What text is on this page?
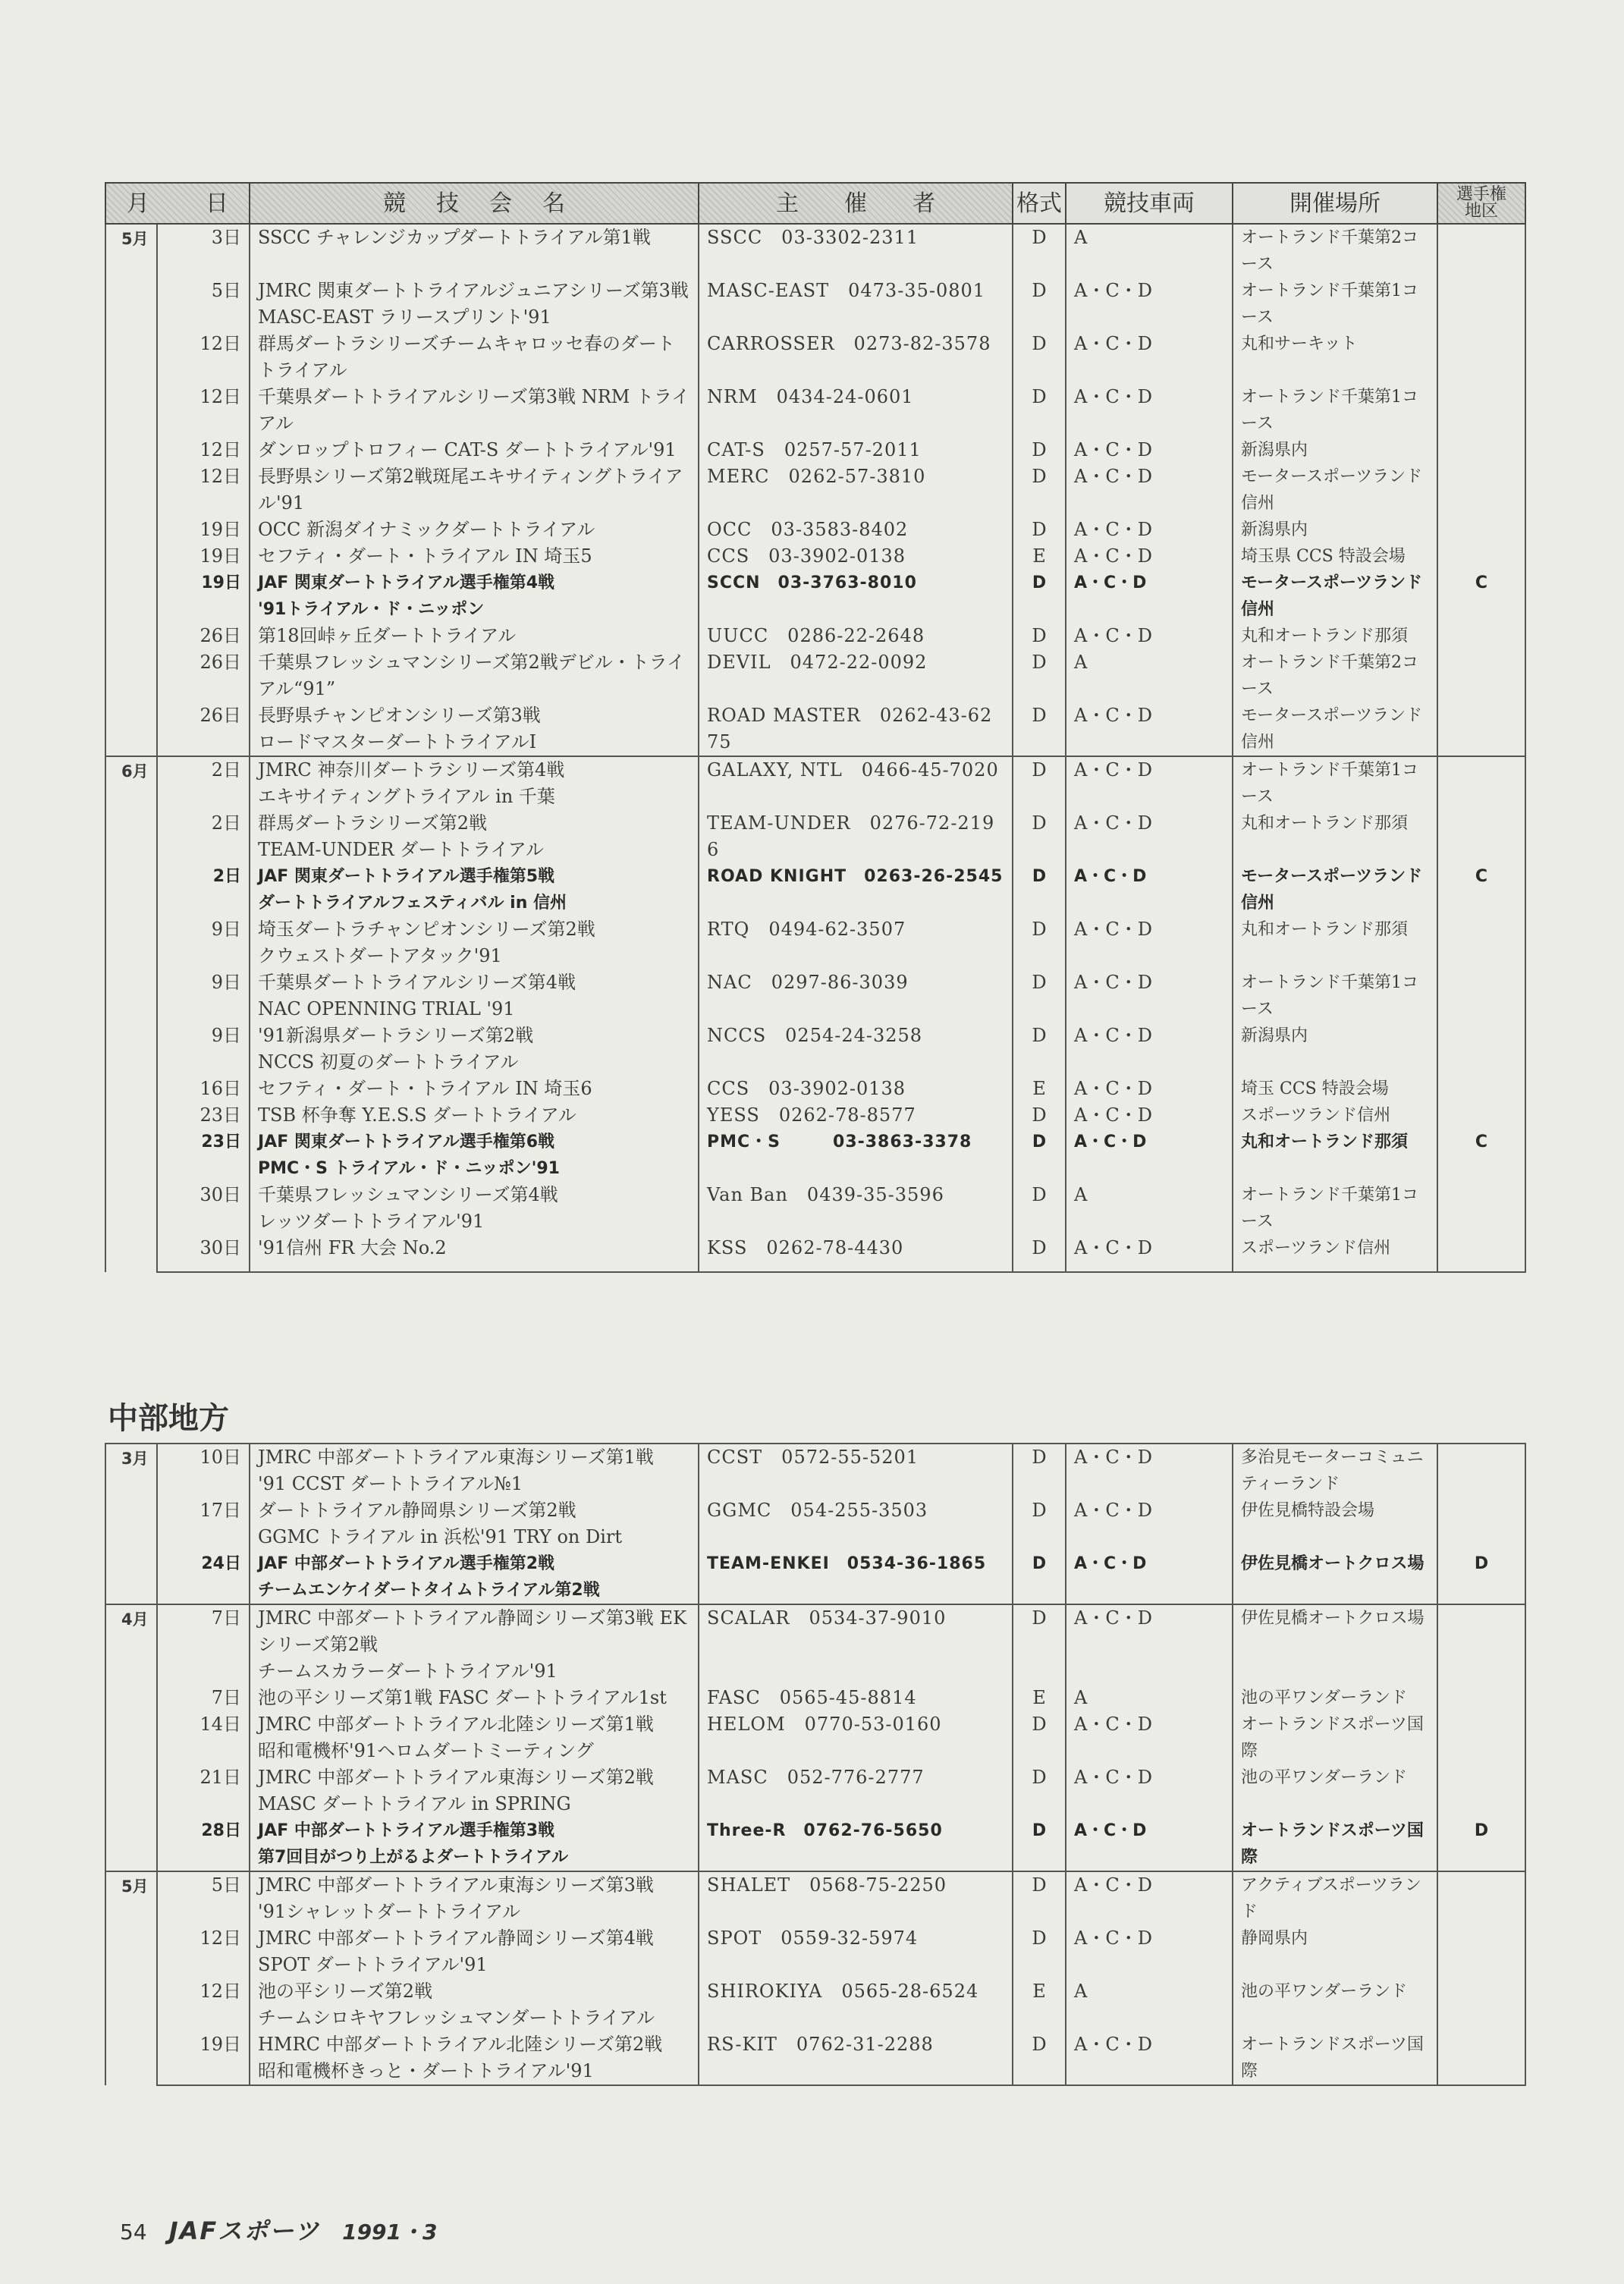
月　日		競技会名	主催者	格式	競技車両	開催場所	選手権
地区
5月	3日	SSCC チャレンジカップダートトライアル第1戦	SSCC　03-3302-2311	D	A	オートランド千葉第2コース	
	5日	JMRC 関東ダートトライアルジュニアシリーズ第3戦
MASC-EAST ラリースプリント'91	MASC-EAST　0473-35-0801	D	A・C・D	オートランド千葉第1コース	
	12日	群馬ダートラシリーズチームキャロッセ春のダートトライアル	CARROSSER　0273-82-3578	D	A・C・D	丸和サーキット	
	12日	千葉県ダートトライアルシリーズ第3戦 NRM トライアル	NRM　0434-24-0601	D	A・C・D	オートランド千葉第1コース	
	12日	ダンロップトロフィー CAT-S ダートトライアル'91	CAT-S　0257-57-2011	D	A・C・D	新潟県内	
	12日	長野県シリーズ第2戦斑尾エキサイティングトライアル'91	MERC　0262-57-3810	D	A・C・D	モータースポーツランド信州	
	19日	OCC 新潟ダイナミックダートトライアル	OCC　03-3583-8402	D	A・C・D	新潟県内	
	19日	セフティ・ダート・トライアル IN 埼玉5	CCS　03-3902-0138	E	A・C・D	埼玉県 CCS 特設会場	
	19日	JAF 関東ダートトライアル選手権第4戦
'91トライアル・ド・ニッポン	SCCN　03-3763-8010	D	A・C・D	モータースポーツランド信州	C
	26日	第18回峠ヶ丘ダートトライアル	UUCC　0286-22-2648	D	A・C・D	丸和オートランド那須	
	26日	千葉県フレッシュマンシリーズ第2戦デビル・トライアル“91”	DEVIL　0472-22-0092	D	A	オートランド千葉第2コース	
	26日	長野県チャンピオンシリーズ第3戦
ロードマスターダートトライアルⅠ	ROAD MASTER　0262-43-6275	D	A・C・D	モータースポーツランド信州	
6月	2日	JMRC 神奈川ダートラシリーズ第4戦
エキサイティングトライアル in 千葉	GALAXY, NTL　0466-45-7020	D	A・C・D	オートランド千葉第1コース	
	2日	群馬ダートラシリーズ第2戦
TEAM-UNDER ダートトライアル	TEAM-UNDER　0276-72-2196	D	A・C・D	丸和オートランド那須	
	2日	JAF 関東ダートトライアル選手権第5戦
ダートトライアルフェスティバル in 信州	ROAD KNIGHT　0263-26-2545	D	A・C・D	モータースポーツランド信州	C
	9日	埼玉ダートラチャンピオンシリーズ第2戦
クウェストダートアタック'91	RTQ　0494-62-3507	D	A・C・D	丸和オートランド那須	
	9日	千葉県ダートトライアルシリーズ第4戦
NAC OPENNING TRIAL '91	NAC　0297-86-3039	D	A・C・D	オートランド千葉第1コース	
	9日	'91新潟県ダートラシリーズ第2戦
NCCS 初夏のダートトライアル	NCCS　0254-24-3258	D	A・C・D	新潟県内	
	16日	セフティ・ダート・トライアル IN 埼玉6	CCS　03-3902-0138	E	A・C・D	埼玉 CCS 特設会場	
	23日	TSB 杯争奪 Y.E.S.S ダートトライアル	YESS　0262-78-8577	D	A・C・D	スポーツランド信州	
	23日	JAF 関東ダートトライアル選手権第6戦
PMC・S トライアル・ド・ニッポン'91	PMC・S　　　03-3863-3378	D	A・C・D	丸和オートランド那須	C
	30日	千葉県フレッシュマンシリーズ第4戦
レッツダートトライアル'91	Van Ban　0439-35-3596	D	A	オートランド千葉第1コース	
	30日	'91信州 FR 大会 No.2	KSS　0262-78-4430	D	A・C・D	スポーツランド信州	
中部地方
3月	10日	JMRC 中部ダートトライアル東海シリーズ第1戦
'91 CCST ダートトライアル№1	CCST　0572-55-5201	D	A・C・D	多治見モーターコミュニティーランド	
	17日	ダートトライアル静岡県シリーズ第2戦
GGMC トライアル in 浜松'91 TRY on Dirt	GGMC　054-255-3503	D	A・C・D	伊佐見橋特設会場	
	24日	JAF 中部ダートトライアル選手権第2戦
チームエンケイダートタイムトライアル第2戦	TEAM-ENKEI　0534-36-1865	D	A・C・D	伊佐見橋オートクロス場	D
4月	7日	JMRC 中部ダートトライアル静岡シリーズ第3戦 EK シリーズ第2戦
チームスカラーダートトライアル'91	SCALAR　0534-37-9010	D	A・C・D	伊佐見橋オートクロス場	
	7日	池の平シリーズ第1戦 FASC ダートトライアル1st	FASC　0565-45-8814	E	A	池の平ワンダーランド	
	14日	JMRC 中部ダートトライアル北陸シリーズ第1戦
昭和電機杯'91ヘロムダートミーティング	HELOM　0770-53-0160	D	A・C・D	オートランドスポーツ国際	
	21日	JMRC 中部ダートトライアル東海シリーズ第2戦
MASC ダートトライアル in SPRING	MASC　052-776-2777	D	A・C・D	池の平ワンダーランド	
	28日	JAF 中部ダートトライアル選手権第3戦
第7回目がつり上がるよダートトライアル	Three-R　0762-76-5650	D	A・C・D	オートランドスポーツ国際	D
5月	5日	JMRC 中部ダートトライアル東海シリーズ第3戦
'91シャレットダートトライアル	SHALET　0568-75-2250	D	A・C・D	アクティブスポーツランド	
	12日	JMRC 中部ダートトライアル静岡シリーズ第4戦
SPOT ダートトライアル'91	SPOT　0559-32-5974	D	A・C・D	静岡県内	
	12日	池の平シリーズ第2戦
チームシロキヤフレッシュマンダートトライアル	SHIROKIYA　0565-28-6524	E	A	池の平ワンダーランド	
	19日	HMRC 中部ダートトライアル北陸シリーズ第2戦
昭和電機杯きっと・ダートトライアル'91	RS-KIT　0762-31-2288	D	A・C・D	オートランドスポーツ国際	
54 JAFスポーツ 1991・3
